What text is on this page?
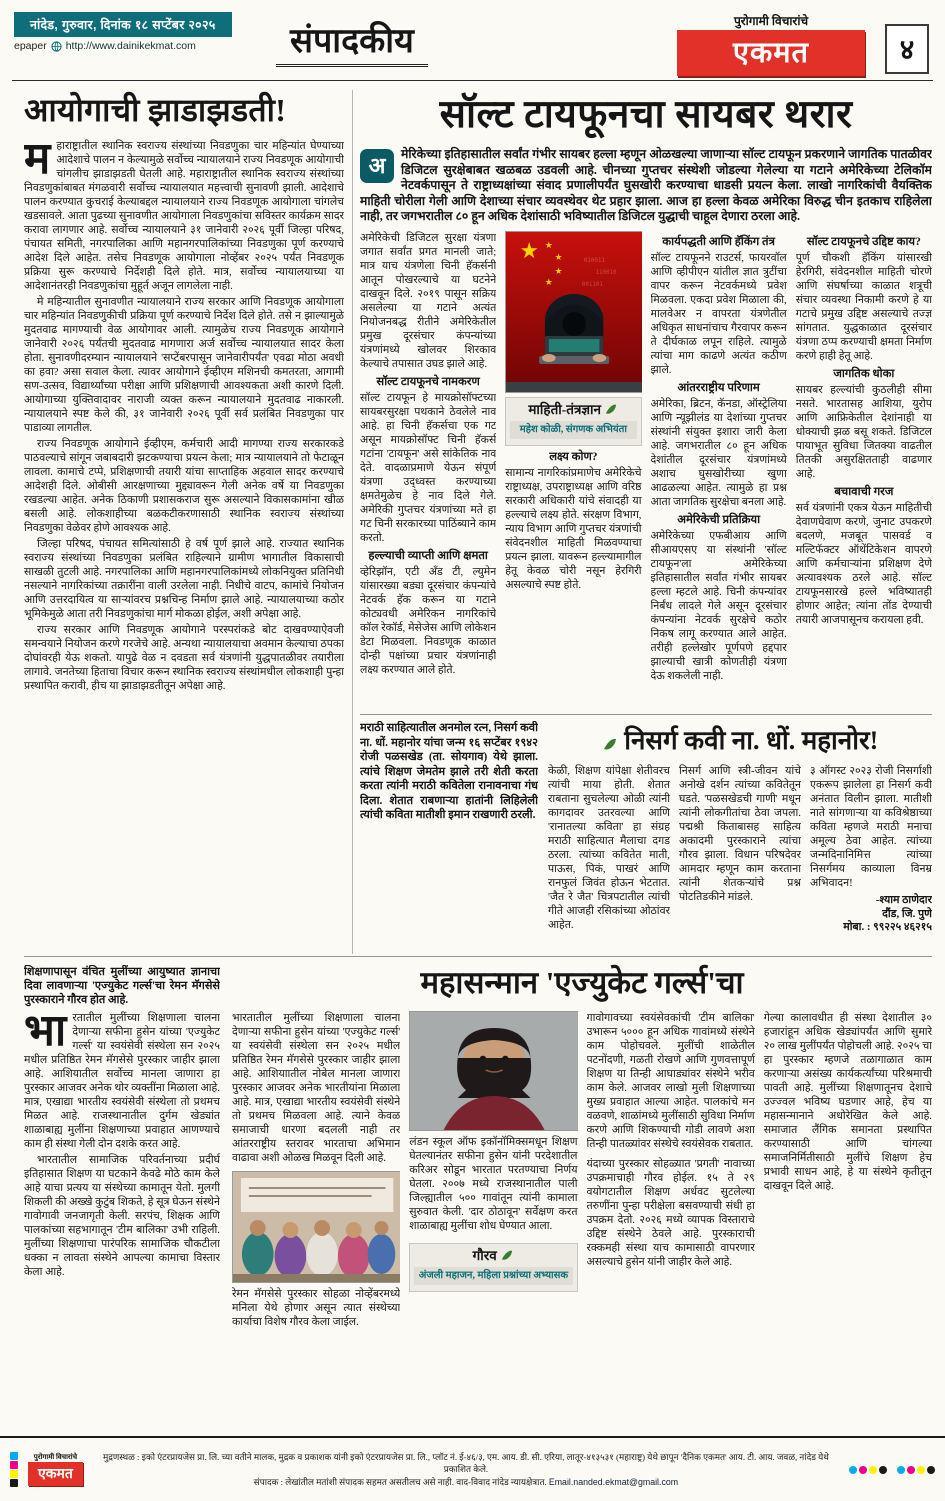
नांदेड, गुरुवार, दिनांक १८ सप्टेंबर २०२५
epaper http://www.dainikekmat.com	संपादकीय
पुरोगामी विचारांचे
एकमत	४
आयोगाची झाडाझडती!

महाराष्ट्रातील स्थानिक स्वराज्य संस्थांच्या निवडणुका चार महिन्यांत घेण्याच्या आदेशाचे पालन न केल्यामुळे सर्वोच्च न्यायालयाने राज्य निवडणूक आयोगाची चांगलीच झाडाझडती घेतली आहे. महाराष्ट्रातील स्थानिक स्वराज्य संस्थांच्या निवडणुकांबाबत मंगळवारी सर्वोच्च न्यायालयात महत्त्वाची सुनावणी झाली. आदेशाचे पालन करण्यात कुचराई केल्याबद्दल न्यायालयाने राज्य निवडणूक आयोगाला चांगलेच खडसावले. आता पुढच्या सुनावणीत आयोगाला निवडणुकांचा सविस्तर कार्यक्रम सादर करावा लागणार आहे. सर्वोच्च न्यायालयाने ३१ जानेवारी २०२६ पूर्वी जिल्हा परिषद, पंचायत समिती, नगरपालिका आणि महानगरपालिकांच्या निवडणुका पूर्ण करण्याचे आदेश दिले आहेत. तसेच निवडणूक आयोगाला नोव्हेंबर २०२५ पर्यंत निवडणूक प्रक्रिया सुरू करण्याचे निर्देशही दिले होते. मात्र, सर्वोच्च न्यायालयाच्या या आदेशानंतरही निवडणुकांचा मुहूर्त अजून लागलेला नाही.

मे महिन्यातील सुनावणीत न्यायालयाने राज्य सरकार आणि निवडणूक आयोगाला चार महिन्यांत निवडणुकीची प्रक्रिया पूर्ण करण्याचे निर्देश दिले होते. तसे न झाल्यामुळे मुदतवाढ मागण्याची वेळ आयोगावर आली. त्यामुळेच राज्य निवडणूक आयोगाने जानेवारी २०२६ पर्यंतची मुदतवाढ मागणारा अर्ज सर्वोच्च न्यायालयात सादर केला होता. सुनावणीदरम्यान न्यायालयाने 'सप्टेंबरपासून जानेवारीपर्यंत' एवढा मोठा अवधी का हवा? असा सवाल केला. त्यावर आयोगाने ईव्हीएम मशिनची कमतरता, आगामी सण-उत्सव, विद्यार्थ्यांच्या परीक्षा आणि प्रशिक्षणाची आवश्यकता अशी कारणे दिली. आयोगाच्या युक्तिवादावर नाराजी व्यक्त करून न्यायालयाने मुदतवाढ नाकारली. न्यायालयाने स्पष्ट केले की, ३१ जानेवारी २०२६ पूर्वी सर्व प्रलंबित निवडणुका पार पाडाव्या लागतील.

राज्य निवडणूक आयोगाने ईव्हीएम, कर्मचारी आदी मागण्या राज्य सरकारकडे पाठवल्याचे सांगून जबाबदारी झटकण्याचा प्रयत्न केला; मात्र न्यायालयाने तो फेटाळून लावला. कामाचे टप्पे, प्रशिक्षणाची तयारी यांचा साप्ताहिक अहवाल सादर करण्याचे आदेशही दिले. ओबीसी आरक्षणाच्या मुद्द्यावरून गेली अनेक वर्षे या निवडणुका रखडल्या आहेत. अनेक ठिकाणी प्रशासकराज सुरू असल्याने विकासकामांना खीळ बसली आहे. लोकशाहीच्या बळकटीकरणासाठी स्थानिक स्वराज्य संस्थांच्या निवडणुका वेळेवर होणे आवश्यक आहे.

जिल्हा परिषद, पंचायत समित्यांसाठी हे वर्ष पूर्ण झाले आहे. राज्यात स्थानिक स्वराज्य संस्थांच्या निवडणुका प्रलंबित राहिल्याने ग्रामीण भागातील विकासाची साखळी तुटली आहे. नगरपालिका आणि महानगरपालिकांमध्ये लोकनियुक्त प्रतिनिधी नसल्याने नागरिकांच्या तक्रारींना वाली उरलेला नाही. निधीचे वाटप, कामांचे नियोजन आणि उत्तरदायित्व या साऱ्यांवरच प्रश्नचिन्ह निर्माण झाले आहे. न्यायालयाच्या कठोर भूमिकेमुळे आता तरी निवडणुकांचा मार्ग मोकळा होईल, अशी अपेक्षा आहे.

राज्य सरकार आणि निवडणूक आयोगाने परस्परांकडे बोट दाखवण्याऐवजी समन्वयाने नियोजन करणे गरजेचे आहे. अन्यथा न्यायालयाचा अवमान केल्याचा ठपका दोघांवरही येऊ शकतो. यापुढे वेळ न दवडता सर्व यंत्रणांनी युद्धपातळीवर तयारीला लागावे. जनतेच्या हिताचा विचार करून स्थानिक स्वराज्य संस्थांमधील लोकशाही पुन्हा प्रस्थापित करावी, हीच या झाडाझडतीतून अपेक्षा आहे.

सॉल्ट टायफूनचा सायबर थरार
अ	मेरिकेच्या इतिहासातील सर्वांत गंभीर सायबर हल्ला म्हणून ओळखल्या जाणाऱ्या सॉल्ट टायफून प्रकरणाने जागतिक पातळीवर डिजिटल सुरक्षेबाबत खळबळ उडवली आहे. चीनच्या गुप्तचर संस्थेशी जोडल्या गेलेल्या या गटाने अमेरिकेच्या टेलिकॉम नेटवर्कपासून ते राष्ट्राध्यक्षांच्या संवाद प्रणालीपर्यंत घुसखोरी करण्याचा धाडसी प्रयत्न केला. लाखो नागरिकांची वैयक्तिक माहिती चोरीला गेली आणि देशाच्या संचार व्यवस्थेवर थेट प्रहार झाला. आज हा हल्ला केवळ अमेरिका विरुद्ध चीन इतकाच राहिलेला नाही, तर जगभरातील ८० हून अधिक देशांसाठी भविष्यातील डिजिटल युद्धाची चाहूल देणारा ठरला आहे.

अमेरिकेची डिजिटल सुरक्षा यंत्रणा जगात सर्वांत प्रगत मानली जाते; मात्र याच यंत्रणेला चिनी हॅकर्सनी आतून पोखरल्याचे या घटनेने दाखवून दिले. २०१९ पासून सक्रिय असलेल्या या गटाने अत्यंत नियोजनबद्ध रीतीने अमेरिकेतील प्रमुख दूरसंचार कंपन्यांच्या यंत्रणांमध्ये खोलवर शिरकाव केल्याचे तपासात उघड झाले आहे.

सॉल्ट टायफूनचे नामकरण

सॉल्ट टायफून हे मायक्रोसॉफ्टच्या सायबरसुरक्षा पथकाने ठेवलेले नाव आहे. हा चिनी हॅकर्सचा एक गट असून मायक्रोसॉफ्ट चिनी हॅकर्स गटांना 'टायफून' असे सांकेतिक नाव देते. वादळाप्रमाणे येऊन संपूर्ण यंत्रणा उद्ध्वस्त करण्याच्या क्षमतेमुळेच हे नाव दिले गेले. अमेरिकी गुप्तचर यंत्रणांच्या मते हा गट चिनी सरकारच्या पाठिंब्याने काम करतो.

हल्ल्याची व्याप्ती आणि क्षमता

व्हेरिझॉन, एटी अँड टी, ल्युमेन यांसारख्या बड्या दूरसंचार कंपन्यांचे नेटवर्क हॅक करून या गटाने कोट्यवधी अमेरिकन नागरिकांचे कॉल रेकॉर्ड, मेसेजेस आणि लोकेशन डेटा मिळवला. निवडणूक काळात दोन्ही पक्षांच्या प्रचार यंत्रणांनाही लक्ष्य करण्यात आले होते.

★ ★
★
★
★
010011
110010
001101
माहिती-तंत्रज्ञान
महेश कोळी, संगणक अभियंता
लक्ष्य कोण?

सामान्य नागरिकांप्रमाणेच अमेरिकेचे राष्ट्राध्यक्ष, उपराष्ट्राध्यक्ष आणि वरिष्ठ सरकारी अधिकारी यांचे संवादही या हल्ल्याचे लक्ष्य होते. संरक्षण विभाग, न्याय विभाग आणि गुप्तचर यंत्रणांची संवेदनशील माहिती मिळवण्याचा प्रयत्न झाला. यावरून हल्ल्यामागील हेतू केवळ चोरी नसून हेरगिरी असल्याचे स्पष्ट होते.

कार्यपद्धती आणि हॅकिंग तंत्र

सॉल्ट टायफूनने राउटर्स, फायरवॉल आणि व्हीपीएन यांतील ज्ञात त्रुटींचा वापर करून नेटवर्कमध्ये प्रवेश मिळवला. एकदा प्रवेश मिळाला की, मालवेअर न वापरता यंत्रणेतील अधिकृत साधनांचाच गैरवापर करून ते दीर्घकाळ लपून राहिले. त्यामुळे त्यांचा माग काढणे अत्यंत कठीण झाले.

आंतरराष्ट्रीय परिणाम

अमेरिका, ब्रिटन, कॅनडा, ऑस्ट्रेलिया आणि न्यूझीलंड या देशांच्या गुप्तचर संस्थांनी संयुक्त इशारा जारी केला आहे. जगभरातील ८० हून अधिक देशांतील दूरसंचार यंत्रणांमध्ये अशाच घुसखोरीच्या खुणा आढळल्या आहेत. त्यामुळे हा प्रश्न आता जागतिक सुरक्षेचा बनला आहे.

अमेरिकेची प्रतिक्रिया

अमेरिकेच्या एफबीआय आणि सीआयएसए या संस्थांनी 'सॉल्ट टायफून'ला अमेरिकेच्या इतिहासातील सर्वांत गंभीर सायबर हल्ला म्हटले आहे. चिनी कंपन्यांवर निर्बंध लादले गेले असून दूरसंचार कंपन्यांना नेटवर्क सुरक्षेचे कठोर निकष लागू करण्यात आले आहेत. तरीही हल्लेखोर पूर्णपणे हद्दपार झाल्याची खात्री कोणतीही यंत्रणा देऊ शकलेली नाही.

सॉल्ट टायफूनचे उद्दिष्ट काय?

पूर्ण चौकशी हॅकिंग यांसारखी हेरगिरी, संवेदनशील माहिती चोरणे आणि संघर्षाच्या काळात शत्रूची संचार व्यवस्था निकामी करणे हे या गटाचे प्रमुख उद्दिष्ट असल्याचे तज्ज्ञ सांगतात. युद्धकाळात दूरसंचार यंत्रणा ठप्प करण्याची क्षमता निर्माण करणे हाही हेतू आहे.

जागतिक धोका

सायबर हल्ल्यांची कुठलीही सीमा नसते. भारतासह आशिया, युरोप आणि आफ्रिकेतील देशांनाही या धोक्याची झळ बसू शकते. डिजिटल पायाभूत सुविधा जितक्या वाढतील तितकी असुरक्षितताही वाढणार आहे.

बचावाची गरज

सर्व यंत्रणांनी एकत्र येऊन माहितीची देवाणघेवाण करणे, जुनाट उपकरणे बदलणे, मजबूत पासवर्ड व मल्टिफॅक्टर ऑथेंटिकेशन वापरणे आणि कर्मचाऱ्यांना प्रशिक्षण देणे अत्यावश्यक ठरले आहे. सॉल्ट टायफूनसारखे हल्ले भविष्यातही होणार आहेत; त्यांना तोंड देण्याची तयारी आजपासूनच करायला हवी.

मराठी साहित्यातील अनमोल रत्न, निसर्ग कवी ना. धों. महानोर यांचा जन्म १६ सप्टेंबर १९४२ रोजी पळसखेड (ता. सोयगाव) येथे झाला. त्यांचे शिक्षण जेमतेम झाले तरी शेती करता करता त्यांनी मराठी कवितेला रानावनाचा गंध दिला. शेतात राबणाऱ्या हातांनी लिहिलेली त्यांची कविता मातीशी इमान राखणारी ठरली.
निसर्ग कवी ना. धों. महानोर!

केळी, शिक्षण यांपेक्षा शेतीवरच त्यांची माया होती. शेतात राबताना सुचलेल्या ओळी त्यांनी कागदावर उतरवल्या आणि 'रानातल्या कविता' हा संग्रह मराठी साहित्यात मैलाचा दगड ठरला. त्यांच्या कवितेत माती, पाऊस, पिकं, पाखरं आणि रानफुलं जिवंत होऊन भेटतात. 'जैत रे जैत' चित्रपटातील त्यांची गीते आजही रसिकांच्या ओठांवर आहेत.

निसर्ग आणि स्त्री-जीवन यांचे अनोखे दर्शन त्यांच्या कवितेतून घडते. 'पळसखेडची गाणी' मधून त्यांनी लोकगीतांचा ठेवा जपला. पद्मश्री किताबासह साहित्य अकादमी पुरस्काराने त्यांचा गौरव झाला. विधान परिषदेवर आमदार म्हणून काम करताना त्यांनी शेतकऱ्यांचे प्रश्न पोटतिडकीने मांडले.

३ ऑगस्ट २०२३ रोजी निसर्गाशी एकरूप झालेला हा निसर्ग कवी अनंतात विलीन झाला. मातीशी नाते सांगणाऱ्या या कविश्रेष्ठाच्या कविता म्हणजे मराठी मनाचा अमूल्य ठेवा आहेत. त्यांच्या जन्मदिनानिमित्त त्यांच्या निसर्गमय काव्याला विनम्र अभिवादन!

-श्याम ठाणेदार
दौंड, जि. पुणे
मोबा. : ९९२२५ ४६२१५
शिक्षणापासून वंचित मुलींच्या आयुष्यात ज्ञानाचा दिवा लावणाऱ्या 'एज्युकेट गर्ल्स'चा रेमन मॅगसेसे पुरस्काराने गौरव होत आहे.

भारतातील मुलींच्या शिक्षणाला चालना देणाऱ्या सफीना हुसेन यांच्या 'एज्युकेट गर्ल्स' या स्वयंसेवी संस्थेला सन २०२५ मधील प्रतिष्ठित रेमन मॅगसेसे पुरस्कार जाहीर झाला आहे. आशियातील सर्वोच्च मानला जाणारा हा पुरस्कार आजवर अनेक थोर व्यक्तींना मिळाला आहे. मात्र, एखाद्या भारतीय स्वयंसेवी संस्थेला तो प्रथमच मिळत आहे. राजस्थानातील दुर्गम खेड्यांत शाळाबाह्य मुलींना शिक्षणाच्या प्रवाहात आणण्याचे काम ही संस्था गेली दोन दशके करत आहे.

भारतातील सामाजिक परिवर्तनाच्या प्रदीर्घ इतिहासात शिक्षण या घटकाने केवढे मोठे काम केले आहे याचा प्रत्यय या संस्थेच्या कामातून येतो. मुलगी शिकली की अख्खे कुटुंब शिकते, हे सूत्र घेऊन संस्थेने गावोगावी जनजागृती केली. सरपंच, शिक्षक आणि पालकांच्या सहभागातून 'टीम बालिका' उभी राहिली. मुलींच्या शिक्षणाचा पारंपरिक सामाजिक चौकटीला धक्का न लावता संस्थेने आपल्या कामाचा विस्तार केला आहे.

महासन्मान 'एज्युकेट गर्ल्स'चा

भारतातील मुलींच्या शिक्षणाला चालना देणाऱ्या सफीना हुसेन यांच्या 'एज्युकेट गर्ल्स' या स्वयंसेवी संस्थेला सन २०२५ मधील प्रतिष्ठित रेमन मॅगसेसे पुरस्कार जाहीर झाला आहे. आशियाातील नोबेल मानला जाणारा पुरस्कार आजवर अनेक भारतीयांना मिळाला आहे. मात्र, एखाद्या भारतीय स्वयंसेवी संस्थेने तो प्रथमच मिळवला आहे. त्याने केवळ समाजाची धारणा बदलली नाही तर आंतरराष्ट्रीय स्तरावर भारताचा अभिमान वाढावा अशी ओळख मिळवून दिली आहे.

रेमन मॅगसेसे पुरस्कार सोहळा नोव्हेंबरमध्ये मनिला येथे होणार असून त्यात संस्थेच्या कार्याचा विशेष गौरव केला जाईल.

लंडन स्कूल ऑफ इकॉनॉमिक्समधून शिक्षण घेतल्यानंतर सफीना हुसेन यांनी परदेशातील करिअर सोडून भारतात परतण्याचा निर्णय घेतला. २००७ मध्ये राजस्थानातील पाली जिल्ह्यातील ५०० गावांतून त्यांनी कामाला सुरुवात केली. 'दार ठोठावून' सर्वेक्षण करत शाळाबाह्य मुलींचा शोध घेण्यात आला.

गौरव
अंजली महाजन, महिला प्रश्नांच्या अभ्यासक

गावोगावच्या स्वयंसेवकांची 'टीम बालिका' उभारून ५००० हून अधिक गावांमध्ये संस्थेने काम पोहोचवले. मुलींची शाळेतील पटनोंदणी, गळती रोखणे आणि गुणवत्तापूर्ण शिक्षण या तिन्ही आघाड्यांवर संस्थेने भरीव काम केले. आजवर लाखो मुली शिक्षणाच्या मुख्य प्रवाहात आल्या आहेत. पालकांचे मन वळवणे, शाळांमध्ये मुलींसाठी सुविधा निर्माण करणे आणि शिकण्याची गोडी लावणे अशा तिन्ही पातळ्यांवर संस्थेचे स्वयंसेवक राबतात.

यंदाच्या पुरस्कार सोहळ्यात 'प्रगती' नावाच्या उपक्रमाचाही गौरव होईल. १५ ते २९ वयोगटातील शिक्षण अर्धवट सुटलेल्या तरुणींना पुन्हा परीक्षेला बसवण्याची संधी हा उपक्रम देतो. २०२६ मध्ये व्यापक विस्ताराचे उद्दिष्ट संस्थेने ठेवले आहे. पुरस्काराची रक्कमही संस्था याच कामासाठी वापरणार असल्याचे हुसेन यांनी जाहीर केले आहे.

गेल्या कालावधीत ही संस्था देशातील ३० हजारांहून अधिक खेड्यांपर्यंत आणि सुमारे २० लाख मुलींपर्यंत पोहोचली आहे. २०२५ चा हा पुरस्कार म्हणजे तळागाळात काम करणाऱ्या असंख्य कार्यकर्त्यांच्या परिश्रमाची पावती आहे. मुलींच्या शिक्षणातूनच देशाचे उज्ज्वल भविष्य घडणार आहे, हेच या महासन्मानाने अधोरेखित केले आहे. समाजात लैंगिक समानता प्रस्थापित करण्यासाठी आणि चांगल्या समाजनिर्मितीसाठी मुलींचे शिक्षण हेच प्रभावी साधन आहे, हे या संस्थेने कृतीतून दाखवून दिले आहे.

पुरोगामी विचारांचे
एकमत
मुद्रणस्थळ : इको एंटरप्रायजेस प्रा. लि. च्या वतीने मालक, मुद्रक व प्रकाशक यांनी इको एंटरप्रायजेस प्रा. लि., प्लॉट नं. ई-४६/३, एम. आय. डी. सी. एरिया, लातूर-४१३५३१ (महाराष्ट्र) येथे छापून 'दैनिक एकमत' आय. टी. आय. जवळ, नांदेड येथे प्रकाशित केले.
संपादक : लेखांतील मतांशी संपादक सहमत असतीलच असे नाही. वाद-विवाद नांदेड न्यायक्षेत्रात. Email.nanded.ekmat@gmail.com
